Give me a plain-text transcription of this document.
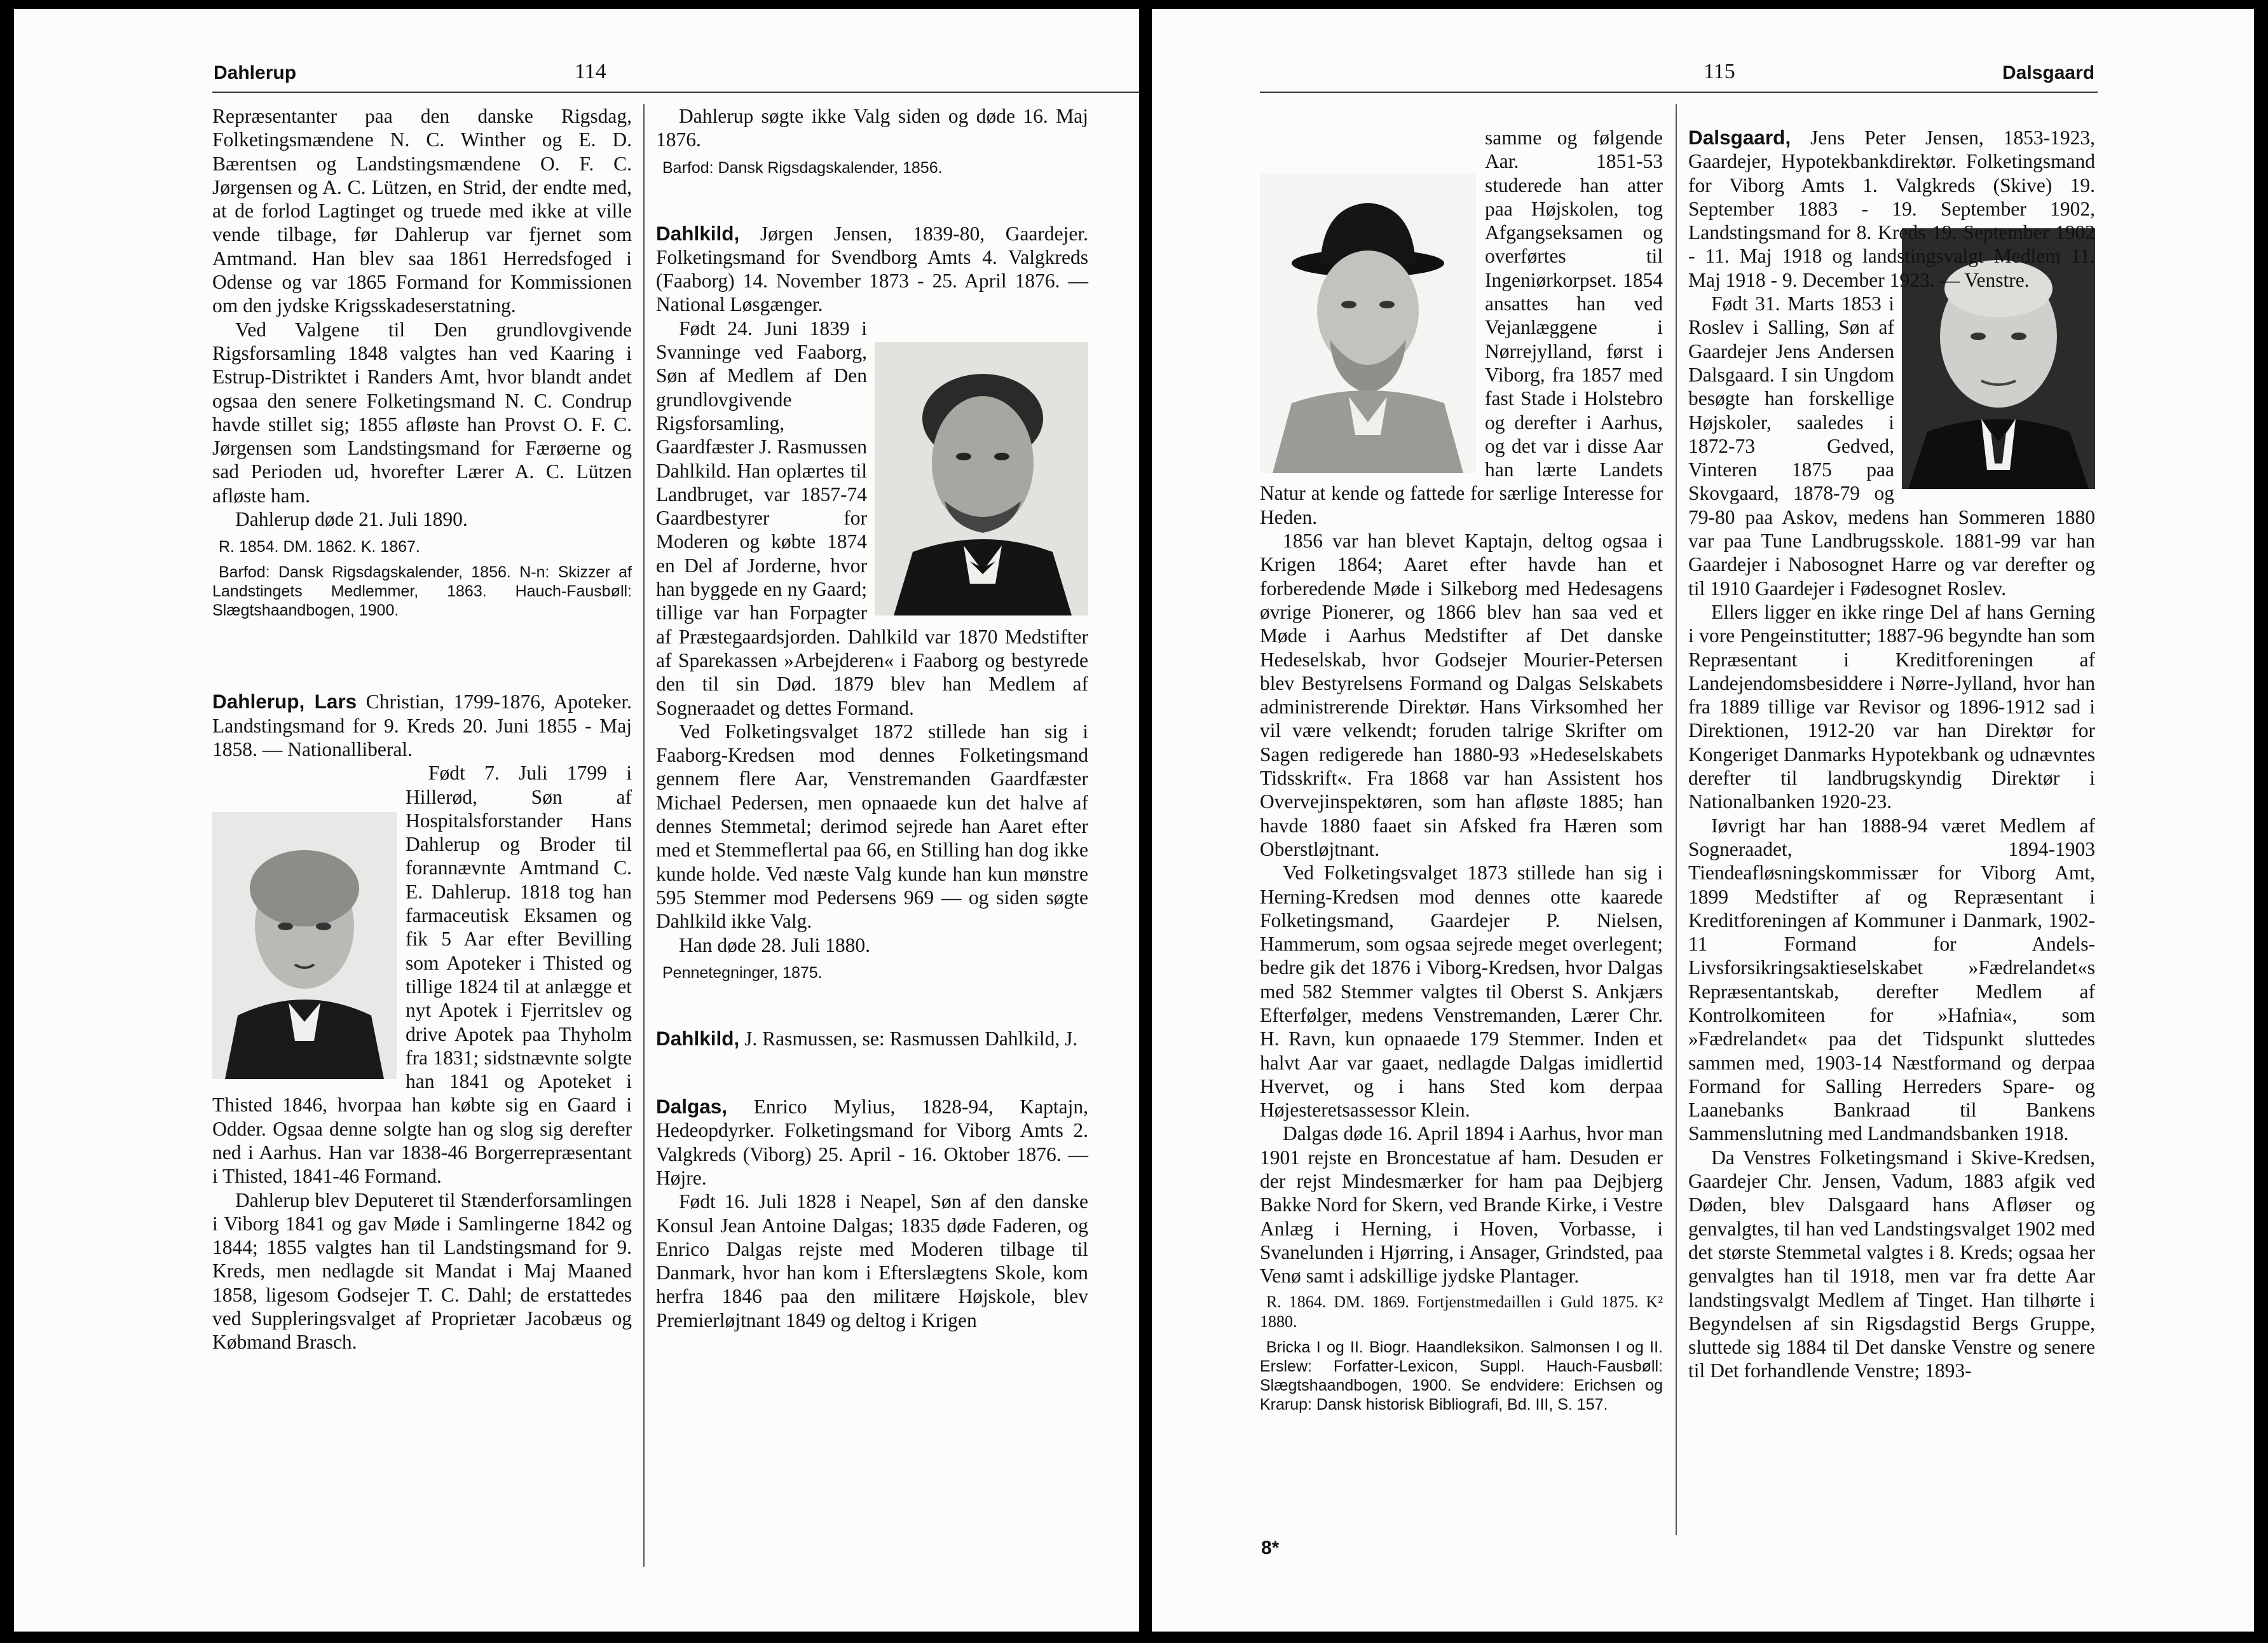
Dahlerup	114

Repræsentanter paa den danske Rigsdag, Folketingsmændene N. C. Winther og E. D. Bærentsen og Landstingsmændene O. F. C. Jørgensen og A. C. Lützen, en Strid, der endte med, at de forlod Lagtinget og truede med ikke at ville vende tilbage, før Dahlerup var fjernet som Amtmand. Han blev saa 1861 Herredsfoged i Odense og var 1865 Formand for Kommissionen om den jydske Krigsskadeserstatning.

Ved Valgene til Den grundlovgivende Rigsforsamling 1848 valgtes han ved Kaaring i Estrup-Distriktet i Randers Amt, hvor blandt andet ogsaa den senere Folketingsmand N. C. Condrup havde stillet sig; 1855 afløste han Provst O. F. C. Jørgensen som Landstingsmand for Færøerne og sad Perioden ud, hvorefter Lærer A. C. Lützen afløste ham.

Dahlerup døde 21. Juli 1890.

R. 1854. DM. 1862. K. 1867.
Barfod: Dansk Rigsdagskalender, 1856. N-n: Skizzer af Landstingets Medlemmer, 1863. Hauch-Fausbøll: Slægtshaandbogen, 1900.

Dahlerup, Lars Christian, 1799-1876, Apoteker. Landstingsmand for 9. Kreds 20. Juni 1855 - Maj 1858. — Nationalliberal.

Født 7. Juli 1799 i Hillerød, Søn af Hospitalsforstander Hans Dahlerup og Broder til forannævnte Amtmand C. E. Dahlerup. 1818 tog han farmaceutisk Eksamen og fik 5 Aar efter Bevilling som Apoteker i Thisted og tillige 1824 til at anlægge et nyt Apotek i Fjerritslev og drive Apotek paa Thyholm fra 1831; sidstnævnte solgte han 1841 og Apoteket i Thisted 1846, hvorpaa han købte sig en Gaard i Odder. Ogsaa denne solgte han og slog sig derefter ned i Aarhus. Han var 1838-46 Borgerrepræsentant i Thisted, 1841-46 Formand.

Dahlerup blev Deputeret til Stænderforsamlingen i Viborg 1841 og gav Møde i Samlingerne 1842 og 1844; 1855 valgtes han til Landstingsmand for 9. Kreds, men nedlagde sit Mandat i Maj Maaned 1858, ligesom Godsejer T. C. Dahl; de erstattedes ved Suppleringsvalget af Proprietær Jacobæus og Købmand Brasch.

Dahlerup søgte ikke Valg siden og døde 16. Maj 1876.

Barfod: Dansk Rigsdagskalender, 1856.

Dahlkild, Jørgen Jensen, 1839-80, Gaardejer. Folketingsmand for Svendborg Amts 4. Valgkreds (Faaborg) 14. November 1873 - 25. April 1876. — National Løsgænger.

Født 24. Juni 1839 i Svanninge ved Faaborg, Søn af Medlem af Den grundlovgivende Rigsforsamling, Gaardfæster J. Rasmussen Dahlkild. Han oplærtes til Landbruget, var 1857-74 Gaardbestyrer for Moderen og købte 1874 en Del af Jorderne, hvor han byggede en ny Gaard; tillige var han Forpagter af Præstegaardsjorden. Dahlkild var 1870 Medstifter af Sparekassen »Arbejderen« i Faaborg og bestyrede den til sin Død. 1879 blev han Medlem af Sogneraadet og dettes Formand.

Ved Folketingsvalget 1872 stillede han sig i Faaborg-Kredsen mod dennes Folketingsmand gennem flere Aar, Venstremanden Gaardfæster Michael Pedersen, men opnaaede kun det halve af dennes Stemmetal; derimod sejrede han Aaret efter med et Stemmeflertal paa 66, en Stilling han dog ikke kunde holde. Ved næste Valg kunde han kun mønstre 595 Stemmer mod Pedersens 969 — og siden søgte Dahlkild ikke Valg.

Han døde 28. Juli 1880.

Pennetegninger, 1875.

Dahlkild, J. Rasmussen, se: Rasmussen Dahlkild, J.

Dalgas, Enrico Mylius, 1828-94, Kaptajn, Hedeopdyrker. Folketingsmand for Viborg Amts 2. Valgkreds (Viborg) 25. April - 16. Oktober 1876. — Højre.

Født 16. Juli 1828 i Neapel, Søn af den danske Konsul Jean Antoine Dalgas; 1835 døde Faderen, og Enrico Dalgas rejste med Moderen tilbage til Danmark, hvor han kom i Efterslægtens Skole, kom herfra 1846 paa den militære Højskole, blev Premierløjtnant 1849 og deltog i Krigen

115	Dalsgaard

samme og følgende Aar. 1851-53 studerede han atter paa Højskolen, tog Afgangseksamen og overførtes til Ingeniørkorpset. 1854 ansattes han ved Vejanlæggene i Nørrejylland, først i Viborg, fra 1857 med fast Stade i Holstebro og derefter i Aarhus, og det var i disse Aar han lærte Landets Natur at kende og fattede for særlige Interesse for Heden.

1856 var han blevet Kaptajn, deltog ogsaa i Krigen 1864; Aaret efter havde han et forberedende Møde i Silkeborg med Hedesagens øvrige Pionerer, og 1866 blev han saa ved et Møde i Aarhus Medstifter af Det danske Hedeselskab, hvor Godsejer Mourier-Petersen blev Bestyrelsens Formand og Dalgas Selskabets administrerende Direktør. Hans Virksomhed her vil være velkendt; foruden talrige Skrifter om Sagen redigerede han 1880-93 »Hedeselskabets Tidsskrift«. Fra 1868 var han Assistent hos Overvejinspektøren, som han afløste 1885; han havde 1880 faaet sin Afsked fra Hæren som Oberstløjtnant.

Ved Folketingsvalget 1873 stillede han sig i Herning-Kredsen mod dennes otte kaarede Folketingsmand, Gaardejer P. Nielsen, Hammerum, som ogsaa sejrede meget overlegent; bedre gik det 1876 i Viborg-Kredsen, hvor Dalgas med 582 Stemmer valgtes til Oberst S. Ankjærs Efterfølger, medens Venstremanden, Lærer Chr. H. Ravn, kun opnaaede 179 Stemmer. Inden et halvt Aar var gaaet, nedlagde Dalgas imidlertid Hvervet, og i hans Sted kom derpaa Højesteretsassessor Klein.

Dalgas døde 16. April 1894 i Aarhus, hvor man 1901 rejste en Broncestatue af ham. Desuden er der rejst Mindesmærker for ham paa Dejbjerg Bakke Nord for Skern, ved Brande Kirke, i Vestre Anlæg i Herning, i Hoven, Vorbasse, i Svanelunden i Hjørring, i Ansager, Grindsted, paa Venø samt i adskillige jydske Plantager.

R. 1864. DM. 1869. Fortjenstmedaillen i Guld 1875. K² 1880.
Bricka I og II. Biogr. Haandleksikon. Salmonsen I og II. Erslew: Forfatter-Lexicon, Suppl. Hauch-Fausbøll: Slægtshaandbogen, 1900. Se endvidere: Erichsen og Krarup: Dansk historisk Bibliografi, Bd. III, S. 157.
8*

Dalsgaard, Jens Peter Jensen, 1853-1923, Gaardejer, Hypotekbankdirektør. Folketingsmand for Viborg Amts 1. Valgkreds (Skive) 19. September 1883 - 19. September 1902, Landstingsmand for 8. Kreds 19. September 1902 - 11. Maj 1918 og landstingsvalgt Medlem 11. Maj 1918 - 9. December 1923. — Venstre.

Født 31. Marts 1853 i Roslev i Salling, Søn af Gaardejer Jens Andersen Dalsgaard. I sin Ungdom besøgte han forskellige Højskoler, saaledes i 1872-73 Gedved, Vinteren 1875 paa Skovgaard, 1878-79 og 79-80 paa Askov, medens han Sommeren 1880 var paa Tune Landbrugsskole. 1881-99 var han Gaardejer i Nabosognet Harre og var derefter og til 1910 Gaardejer i Fødesognet Roslev.

Ellers ligger en ikke ringe Del af hans Gerning i vore Pengeinstitutter; 1887-96 begyndte han som Repræsentant i Kreditforeningen af Landejendomsbesiddere i Nørre-Jylland, hvor han fra 1889 tillige var Revisor og 1896-1912 sad i Direktionen, 1912-20 var han Direktør for Kongeriget Danmarks Hypotekbank og udnævntes derefter til landbrugskyndig Direktør i Nationalbanken 1920-23.

Iøvrigt har han 1888-94 været Medlem af Sogneraadet, 1894-1903 Tiendeafløsningskommissær for Viborg Amt, 1899 Medstifter af og Repræsentant i Kreditforeningen af Kommuner i Danmark, 1902-11 Formand for Andels-Livsforsikringsaktieselskabet »Fædrelandet«s Repræsentantskab, derefter Medlem af Kontrolkomiteen for »Hafnia«, som »Fædrelandet« paa det Tidspunkt sluttedes sammen med, 1903-14 Næstformand og derpaa Formand for Salling Herreders Spare- og Laanebanks Bankraad til Bankens Sammenslutning med Landmandsbanken 1918.

Da Venstres Folketingsmand i Skive-Kredsen, Gaardejer Chr. Jensen, Vadum, 1883 afgik ved Døden, blev Dalsgaard hans Afløser og genvalgtes, til han ved Landstingsvalget 1902 med det største Stemmetal valgtes i 8. Kreds; ogsaa her genvalgtes han til 1918, men var fra dette Aar landstingsvalgt Medlem af Tinget. Han tilhørte i Begyndelsen af sin Rigsdagstid Bergs Gruppe, sluttede sig 1884 til Det danske Venstre og senere til Det forhandlende Venstre; 1893-
